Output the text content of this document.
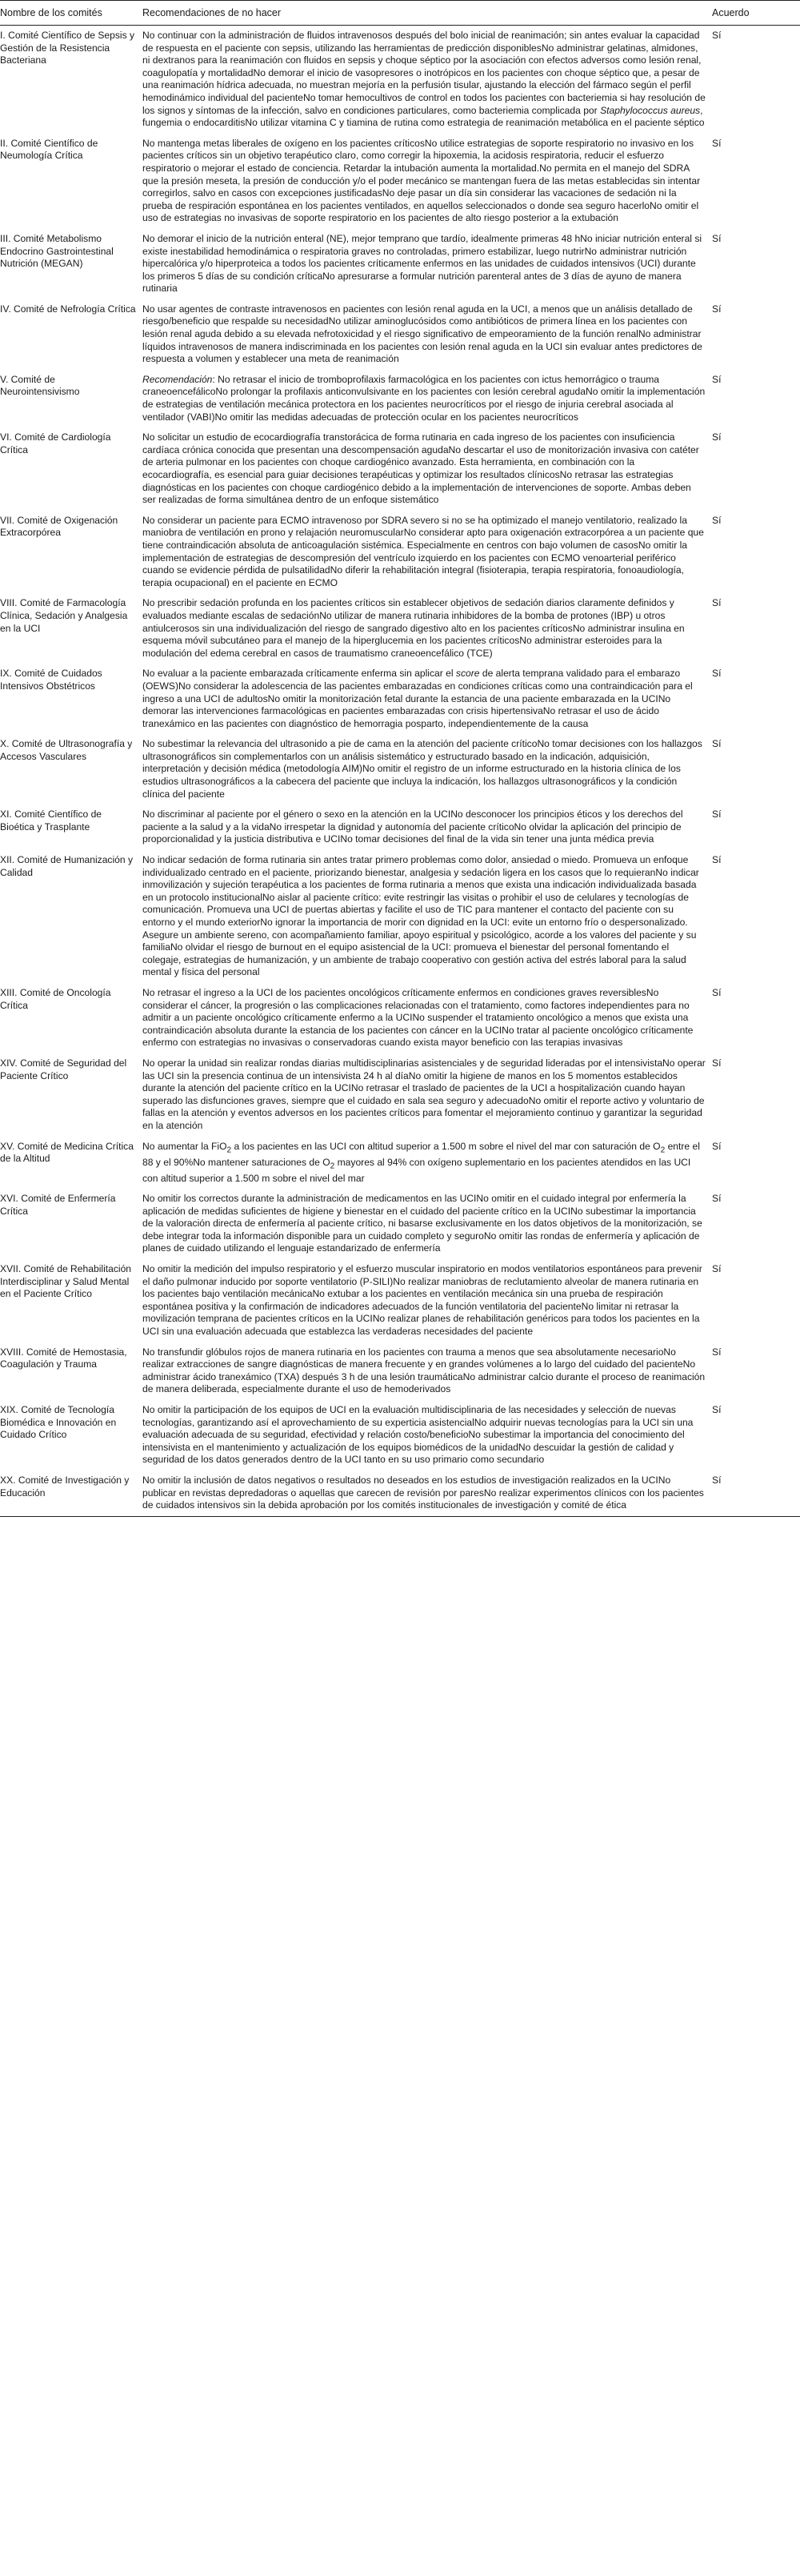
Nombre de los comités	Recomendaciones de no hacer	Acuerdo
I. Comité Científico de Sepsis y Gestión de la Resistencia Bacteriana	No continuar con la administración de fluidos intravenosos después del bolo inicial de reanimación; sin antes evaluar la capacidad de respuesta en el paciente con sepsis, utilizando las herramientas de predicción disponiblesNo administrar gelatinas, almidones, ni dextranos para la reanimación con fluidos en sepsis y choque séptico por la asociación con efectos adversos como lesión renal, coagulopatía y mortalidadNo demorar el inicio de vasopresores o inotrópicos en los pacientes con choque séptico que, a pesar de una reanimación hídrica adecuada, no muestran mejoría en la perfusión tisular, ajustando la elección del fármaco según el perfil hemodinámico individual del pacienteNo tomar hemocultivos de control en todos los pacientes con bacteriemia si hay resolución de los signos y síntomas de la infección, salvo en condiciones particulares, como bacteriemia complicada por Staphylococcus aureus, fungemia o endocarditisNo utilizar vitamina C y tiamina de rutina como estrategia de reanimación metabólica en el paciente séptico	Sí
II. Comité Científico de Neumología Crítica	No mantenga metas liberales de oxígeno en los pacientes críticosNo utilice estrategias de soporte respiratorio no invasivo en los pacientes críticos sin un objetivo terapéutico claro, como corregir la hipoxemia, la acidosis respiratoria, reducir el esfuerzo respiratorio o mejorar el estado de conciencia. Retardar la intubación aumenta la mortalidad.No permita en el manejo del SDRA que la presión meseta, la presión de conducción y/o el poder mecánico se mantengan fuera de las metas establecidas sin intentar corregirlos, salvo en casos con excepciones justificadasNo deje pasar un día sin considerar las vacaciones de sedación ni la prueba de respiración espontánea en los pacientes ventilados, en aquellos seleccionados o donde sea seguro hacerloNo omitir el uso de estrategias no invasivas de soporte respiratorio en los pacientes de alto riesgo posterior a la extubación	Sí
III. Comité Metabolismo Endocrino Gastrointestinal Nutrición (MEGAN)	No demorar el inicio de la nutrición enteral (NE), mejor temprano que tardío, idealmente primeras 48 hNo iniciar nutrición enteral si existe inestabilidad hemodinámica o respiratoria graves no controladas, primero estabilizar, luego nutrirNo administrar nutrición hipercalórica y/o hiperproteica a todos los pacientes críticamente enfermos en las unidades de cuidados intensivos (UCI) durante los primeros 5 días de su condición críticaNo apresurarse a formular nutrición parenteral antes de 3 días de ayuno de manera rutinaria	Sí
IV. Comité de Nefrología Crítica	No usar agentes de contraste intravenosos en pacientes con lesión renal aguda en la UCI, a menos que un análisis detallado de riesgo/beneficio que respalde su necesidadNo utilizar aminoglucósidos como antibióticos de primera línea en los pacientes con lesión renal aguda debido a su elevada nefrotoxicidad y el riesgo significativo de empeoramiento de la función renalNo administrar líquidos intravenosos de manera indiscriminada en los pacientes con lesión renal aguda en la UCI sin evaluar antes predictores de respuesta a volumen y establecer una meta de reanimación	Sí
V. Comité de Neurointensivismo	Recomendación: No retrasar el inicio de tromboprofilaxis farmacológica en los pacientes con ictus hemorrágico o trauma craneoencefálicoNo prolongar la profilaxis anticonvulsivante en los pacientes con lesión cerebral agudaNo omitir la implementación de estrategias de ventilación mecánica protectora en los pacientes neurocríticos por el riesgo de injuria cerebral asociada al ventilador (VABI)No omitir las medidas adecuadas de protección ocular en los pacientes neurocríticos	Sí
VI. Comité de Cardiología Crítica	No solicitar un estudio de ecocardiografía transtorácica de forma rutinaria en cada ingreso de los pacientes con insuficiencia cardíaca crónica conocida que presentan una descompensación agudaNo descartar el uso de monitorización invasiva con catéter de arteria pulmonar en los pacientes con choque cardiogénico avanzado. Esta herramienta, en combinación con la ecocardiografía, es esencial para guiar decisiones terapéuticas y optimizar los resultados clínicosNo retrasar las estrategias diagnósticas en los pacientes con choque cardiogénico debido a la implementación de intervenciones de soporte. Ambas deben ser realizadas de forma simultánea dentro de un enfoque sistemático	Sí
VII. Comité de Oxigenación Extracorpórea	No considerar un paciente para ECMO intravenoso por SDRA severo si no se ha optimizado el manejo ventilatorio, realizado la maniobra de ventilación en prono y relajación neuromuscularNo considerar apto para oxigenación extracorpórea a un paciente que tiene contraindicación absoluta de anticoagulación sistémica. Especialmente en centros con bajo volumen de casosNo omitir la implementación de estrategias de descompresión del ventrículo izquierdo en los pacientes con ECMO venoarterial periférico cuando se evidencie pérdida de pulsatilidadNo diferir la rehabilitación integral (fisioterapia, terapia respiratoria, fonoaudiología, terapia ocupacional) en el paciente en ECMO	Sí
VIII. Comité de Farmacología Clínica, Sedación y Analgesia en la UCI	No prescribir sedación profunda en los pacientes críticos sin establecer objetivos de sedación diarios claramente definidos y evaluados mediante escalas de sedaciónNo utilizar de manera rutinaria inhibidores de la bomba de protones (IBP) u otros antiulcerosos sin una individualización del riesgo de sangrado digestivo alto en los pacientes críticosNo administrar insulina en esquema móvil subcutáneo para el manejo de la hiperglucemia en los pacientes críticosNo administrar esteroides para la modulación del edema cerebral en casos de traumatismo craneoencefálico (TCE)	Sí
IX. Comité de Cuidados Intensivos Obstétricos	No evaluar a la paciente embarazada críticamente enferma sin aplicar el score de alerta temprana validado para el embarazo (OEWS)No considerar la adolescencia de las pacientes embarazadas en condiciones críticas como una contraindicación para el ingreso a una UCI de adultosNo omitir la monitorización fetal durante la estancia de una paciente embarazada en la UCINo demorar las intervenciones farmacológicas en pacientes embarazadas con crisis hipertensivaNo retrasar el uso de ácido tranexámico en las pacientes con diagnóstico de hemorragia posparto, independientemente de la causa	Sí
X. Comité de Ultrasonografía y Accesos Vasculares	No subestimar la relevancia del ultrasonido a pie de cama en la atención del paciente críticoNo tomar decisiones con los hallazgos ultrasonográficos sin complementarlos con un análisis sistemático y estructurado basado en la indicación, adquisición, interpretación y decisión médica (metodología AIM)No omitir el registro de un informe estructurado en la historia clínica de los estudios ultrasonográficos a la cabecera del paciente que incluya la indicación, los hallazgos ultrasonográficos y la condición clínica del paciente	Sí
XI. Comité Científico de Bioética y Trasplante	No discriminar al paciente por el género o sexo en la atención en la UCINo desconocer los principios éticos y los derechos del paciente a la salud y a la vidaNo irrespetar la dignidad y autonomía del paciente críticoNo olvidar la aplicación del principio de proporcionalidad y la justicia distributiva e UCINo tomar decisiones del final de la vida sin tener una junta médica previa	Sí
XII. Comité de Humanización y Calidad	No indicar sedación de forma rutinaria sin antes tratar primero problemas como dolor, ansiedad o miedo. Promueva un enfoque individualizado centrado en el paciente, priorizando bienestar, analgesia y sedación ligera en los casos que lo requieranNo indicar inmovilización y sujeción terapéutica a los pacientes de forma rutinaria a menos que exista una indicación individualizada basada en un protocolo institucionalNo aislar al paciente crítico: evite restringir las visitas o prohibir el uso de celulares y tecnologías de comunicación. Promueva una UCI de puertas abiertas y facilite el uso de TIC para mantener el contacto del paciente con su entorno y el mundo exteriorNo ignorar la importancia de morir con dignidad en la UCI: evite un entorno frío o despersonalizado. Asegure un ambiente sereno, con acompañamiento familiar, apoyo espiritual y psicológico, acorde a los valores del paciente y su familiaNo olvidar el riesgo de burnout en el equipo asistencial de la UCI: promueva el bienestar del personal fomentando el colegaje, estrategias de humanización, y un ambiente de trabajo cooperativo con gestión activa del estrés laboral para la salud mental y física del personal	Sí
XIII. Comité de Oncología Crítica	No retrasar el ingreso a la UCI de los pacientes oncológicos críticamente enfermos en condiciones graves reversiblesNo considerar el cáncer, la progresión o las complicaciones relacionadas con el tratamiento, como factores independientes para no admitir a un paciente oncológico críticamente enfermo a la UCINo suspender el tratamiento oncológico a menos que exista una contraindicación absoluta durante la estancia de los pacientes con cáncer en la UCINo tratar al paciente oncológico críticamente enfermo con estrategias no invasivas o conservadoras cuando exista mayor beneficio con las terapias invasivas	Sí
XIV. Comité de Seguridad del Paciente Crítico	No operar la unidad sin realizar rondas diarias multidisciplinarias asistenciales y de seguridad lideradas por el intensivistaNo operar las UCI sin la presencia continua de un intensivista 24 h al díaNo omitir la higiene de manos en los 5 momentos establecidos durante la atención del paciente crítico en la UCINo retrasar el traslado de pacientes de la UCI a hospitalización cuando hayan superado las disfunciones graves, siempre que el cuidado en sala sea seguro y adecuadoNo omitir el reporte activo y voluntario de fallas en la atención y eventos adversos en los pacientes críticos para fomentar el mejoramiento continuo y garantizar la seguridad en la atención	Sí
XV. Comité de Medicina Crítica de la Altitud	No aumentar la FiO$_2$ a los pacientes en las UCI con altitud superior a 1.500 m sobre el nivel del mar con saturación de $O_2$ entre el 88 y el 90%No mantener saturaciones de $O_2$ mayores al 94% con oxígeno suplementario en los pacientes atendidos en las UCI con altitud superior a 1.500 m sobre el nivel del mar	Sí
XVI. Comité de Enfermería Crítica	No omitir los correctos durante la administración de medicamentos en las UCINo omitir en el cuidado integral por enfermería la aplicación de medidas suficientes de higiene y bienestar en el cuidado del paciente crítico en la UCINo subestimar la importancia de la valoración directa de enfermería al paciente crítico, ni basarse exclusivamente en los datos objetivos de la monitorización, se debe integrar toda la información disponible para un cuidado completo y seguroNo omitir las rondas de enfermería y aplicación de planes de cuidado utilizando el lenguaje estandarizado de enfermería	Sí
XVII. Comité de Rehabilitación Interdisciplinar y Salud Mental en el Paciente Crítico	No omitir la medición del impulso respiratorio y el esfuerzo muscular inspiratorio en modos ventilatorios espontáneos para prevenir el daño pulmonar inducido por soporte ventilatorio (P-SILI)No realizar maniobras de reclutamiento alveolar de manera rutinaria en los pacientes bajo ventilación mecánicaNo extubar a los pacientes en ventilación mecánica sin una prueba de respiración espontánea positiva y la confirmación de indicadores adecuados de la función ventilatoria del pacienteNo limitar ni retrasar la movilización temprana de pacientes críticos en la UCINo realizar planes de rehabilitación genéricos para todos los pacientes en la UCI sin una evaluación adecuada que establezca las verdaderas necesidades del paciente	Sí
XVIII. Comité de Hemostasia, Coagulación y Trauma	No transfundir glóbulos rojos de manera rutinaria en los pacientes con trauma a menos que sea absolutamente necesarioNo realizar extracciones de sangre diagnósticas de manera frecuente y en grandes volúmenes a lo largo del cuidado del pacienteNo administrar ácido tranexámico (TXA) después 3 h de una lesión traumáticaNo administrar calcio durante el proceso de reanimación de manera deliberada, especialmente durante el uso de hemoderivados	Sí
XIX. Comité de Tecnología Biomédica e Innovación en Cuidado Crítico	No omitir la participación de los equipos de UCI en la evaluación multidisciplinaria de las necesidades y selección de nuevas tecnologías, garantizando así el aprovechamiento de su experticia asistencialNo adquirir nuevas tecnologías para la UCI sin una evaluación adecuada de su seguridad, efectividad y relación costo/beneficioNo subestimar la importancia del conocimiento del intensivista en el mantenimiento y actualización de los equipos biomédicos de la unidadNo descuidar la gestión de calidad y seguridad de los datos generados dentro de la UCI tanto en su uso primario como secundario	Sí
XX. Comité de Investigación y Educación	No omitir la inclusión de datos negativos o resultados no deseados en los estudios de investigación realizados en la UCINo publicar en revistas depredadoras o aquellas que carecen de revisión por paresNo realizar experimentos clínicos con los pacientes de cuidados intensivos sin la debida aprobación por los comités institucionales de investigación y comité de ética	Sí
